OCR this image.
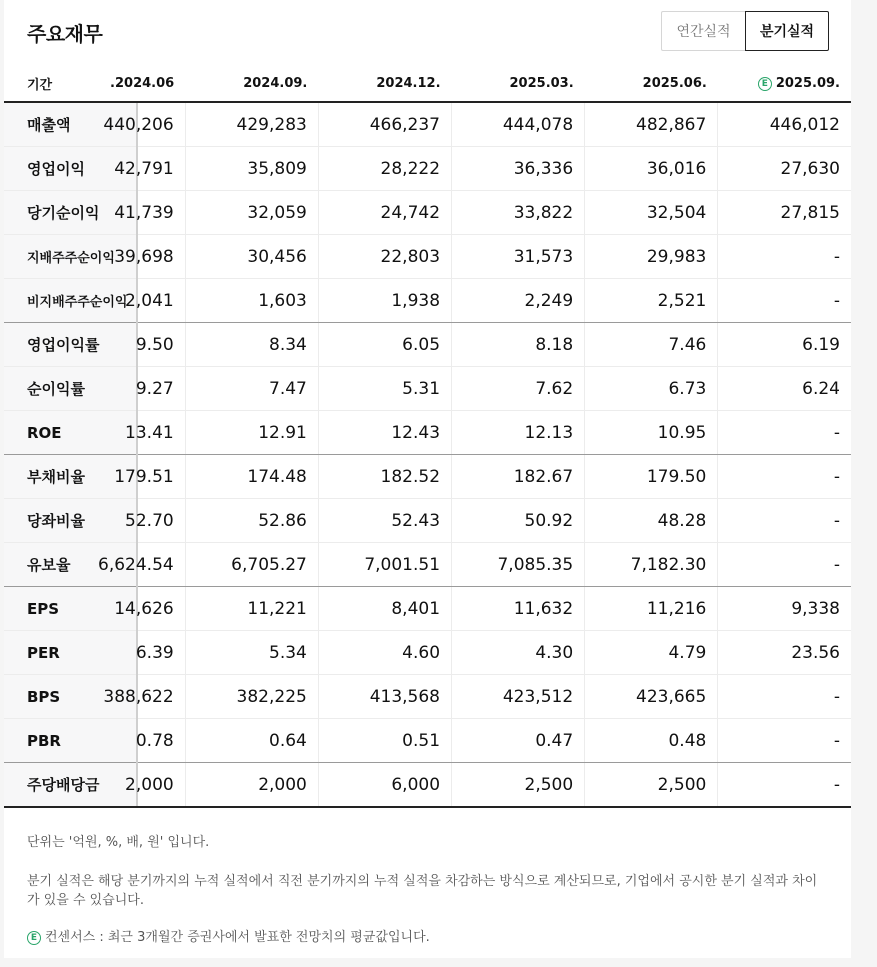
주요재무	연간실적	분기실적
기간	2024.06.	2024.09.	2024.12.	2025.03.	2025.06.	E 2025.09.
매출액	440,206	429,283	466,237	444,078	482,867	446,012
영업이익	42,791	35,809	28,222	36,336	36,016	27,630
당기순이익	41,739	32,059	24,742	33,822	32,504	27,815
지배주주순이익	39,698	30,456	22,803	31,573	29,983	-
비지배주주순이익	2,041	1,603	1,938	2,249	2,521	-
영업이익률	9.50	8.34	6.05	8.18	7.46	6.19
순이익률	9.27	7.47	5.31	7.62	6.73	6.24
ROE	13.41	12.91	12.43	12.13	10.95	-
부채비율	179.51	174.48	182.52	182.67	179.50	-
당좌비율	52.70	52.86	52.43	50.92	48.28	-
유보율	6,624.54	6,705.27	7,001.51	7,085.35	7,182.30	-
EPS	14,626	11,221	8,401	11,632	11,216	9,338
PER	6.39	5.34	4.60	4.30	4.79	23.56
BPS	388,622	382,225	413,568	423,512	423,665	-
PBR	0.78	0.64	0.51	0.47	0.48	-
주당배당금	2,000	2,000	6,000	2,500	2,500	-

단위는 '억원, %, 배, 원' 입니다.

분기 실적은 해당 분기까지의 누적 실적에서 직전 분기까지의 누적 실적을 차감하는 방식으로 계산되므로, 기업에서 공시한 분기 실적과 차이가 있을 수 있습니다.

E 컨센서스 : 최근 3개월간 증권사에서 발표한 전망치의 평균값입니다.
